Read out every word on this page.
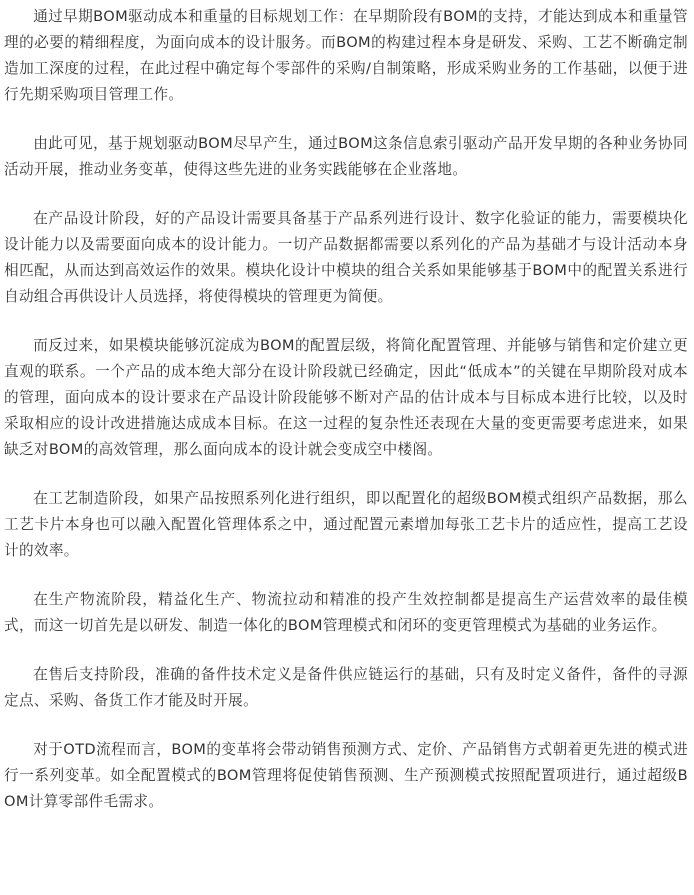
通过早期BOM驱动成本和重量的目标规划工作：在早期阶段有BOM的支持，才能达到成本和重量管理的必要的精细程度，为面向成本的设计服务。而BOM的构建过程本身是研发、采购、工艺不断确定制造加工深度的过程，在此过程中确定每个零部件的采购/自制策略，形成采购业务的工作基础，以便于进行先期采购项目管理工作。

由此可见，基于规划驱动BOM尽早产生，通过BOM这条信息索引驱动产品开发早期的各种业务协同活动开展，推动业务变革，使得这些先进的业务实践能够在企业落地。

在产品设计阶段，好的产品设计需要具备基于产品系列进行设计、数字化验证的能力，需要模块化设计能力以及需要面向成本的设计能力。一切产品数据都需要以系列化的产品为基础才与设计活动本身相匹配，从而达到高效运作的效果。模块化设计中模块的组合关系如果能够基于BOM中的配置关系进行自动组合再供设计人员选择，将使得模块的管理更为简便。

而反过来，如果模块能够沉淀成为BOM的配置层级，将简化配置管理、并能够与销售和定价建立更直观的联系。一个产品的成本绝大部分在设计阶段就已经确定，因此“低成本”的关键在早期阶段对成本的管理，面向成本的设计要求在产品设计阶段能够不断对产品的估计成本与目标成本进行比较，以及时采取相应的设计改进措施达成成本目标。在这一过程的复杂性还表现在大量的变更需要考虑进来，如果缺乏对BOM的高效管理，那么面向成本的设计就会变成空中楼阁。

在工艺制造阶段，如果产品按照系列化进行组织，即以配置化的超级BOM模式组织产品数据，那么工艺卡片本身也可以融入配置化管理体系之中，通过配置元素增加每张工艺卡片的适应性，提高工艺设计的效率。

在生产物流阶段，精益化生产、物流拉动和精准的投产生效控制都是提高生产运营效率的最佳模式，而这一切首先是以研发、制造一体化的BOM管理模式和闭环的变更管理模式为基础的业务运作。

在售后支持阶段，准确的备件技术定义是备件供应链运行的基础，只有及时定义备件，备件的寻源定点、采购、备货工作才能及时开展。

对于OTD流程而言，BOM的变革将会带动销售预测方式、定价、产品销售方式朝着更先进的模式进行一系列变革。如全配置模式的BOM管理将促使销售预测、生产预测模式按照配置项进行，通过超级BOM计算零部件毛需求。
